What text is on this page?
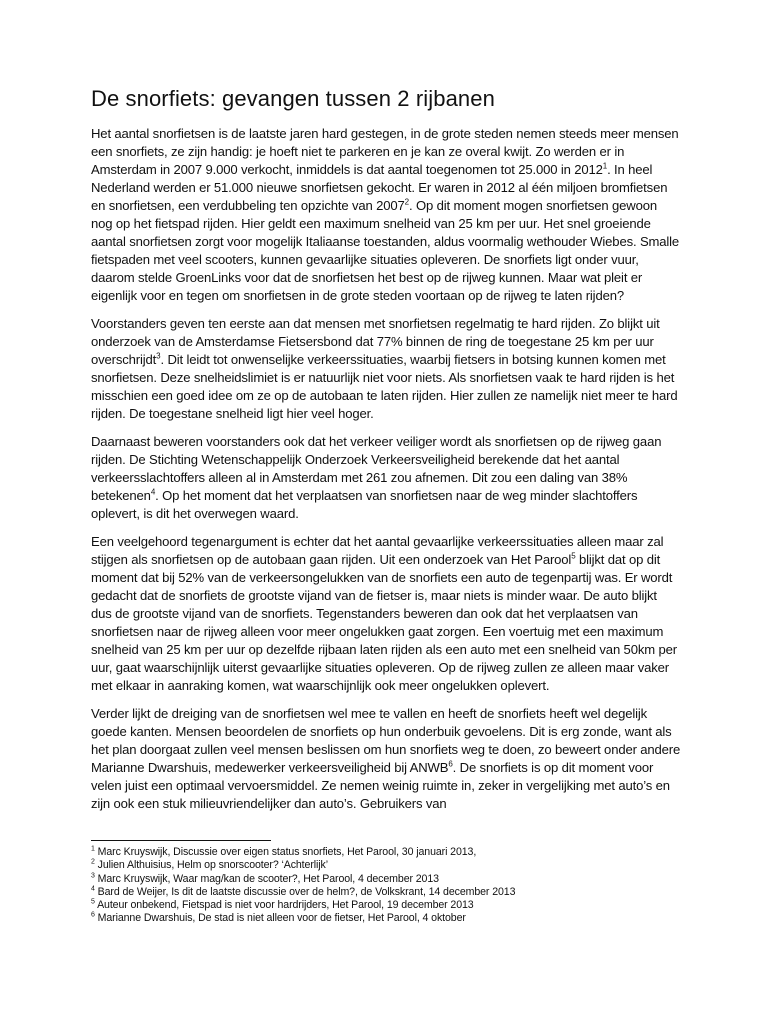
De snorfiets: gevangen tussen 2 rijbanen

Het aantal snorfietsen is de laatste jaren hard gestegen, in de grote steden nemen steeds meer mensen een snorfiets, ze zijn handig: je hoeft niet te parkeren en je kan ze overal kwijt. Zo werden er in Amsterdam in 2007 9.000 verkocht, inmiddels is dat aantal toegenomen tot 25.000 in 2012$^1$. In heel Nederland werden er 51.000 nieuwe snorfietsen gekocht. Er waren in 2012 al één miljoen bromfietsen en snorfietsen, een verdubbeling ten opzichte van 2007$^2$. Op dit moment mogen snorfietsen gewoon nog op het fietspad rijden. Hier geldt een maximum snelheid van 25 km per uur. Het snel groeiende aantal snorfietsen zorgt voor mogelijk Italiaanse toestanden, aldus voormalig wethouder Wiebes. Smalle fietspaden met veel scooters, kunnen gevaarlijke situaties opleveren. De snorfiets ligt onder vuur, daarom stelde GroenLinks voor dat de snorfietsen het best op de rijweg kunnen. Maar wat pleit er eigenlijk voor en tegen om snorfietsen in de grote steden voortaan op de rijweg te laten rijden?

Voorstanders geven ten eerste aan dat mensen met snorfietsen regelmatig te hard rijden. Zo blijkt uit onderzoek van de Amsterdamse Fietsersbond dat 77% binnen de ring de toegestane 25 km per uur overschrijdt$^3$. Dit leidt tot onwenselijke verkeerssituaties, waarbij fietsers in botsing kunnen komen met snorfietsen. Deze snelheidslimiet is er natuurlijk niet voor niets. Als snorfietsen vaak te hard rijden is het misschien een goed idee om ze op de autobaan te laten rijden. Hier zullen ze namelijk niet meer te hard rijden. De toegestane snelheid ligt hier veel hoger.

Daarnaast beweren voorstanders ook dat het verkeer veiliger wordt als snorfietsen op de rijweg gaan rijden. De Stichting Wetenschappelijk Onderzoek Verkeersveiligheid berekende dat het aantal verkeersslachtoffers alleen al in Amsterdam met 261 zou afnemen. Dit zou een daling van 38% betekenen$^4$. Op het moment dat het verplaatsen van snorfietsen naar de weg minder slachtoffers oplevert, is dit het overwegen waard.

Een veelgehoord tegenargument is echter dat het aantal gevaarlijke verkeerssituaties alleen maar zal stijgen als snorfietsen op de autobaan gaan rijden. Uit een onderzoek van Het Parool$^5$ blijkt dat op dit moment dat bij 52% van de verkeersongelukken van de snorfiets een auto de tegenpartij was. Er wordt gedacht dat de snorfiets de grootste vijand van de fietser is, maar niets is minder waar. De auto blijkt dus de grootste vijand van de snorfiets. Tegenstanders beweren dan ook dat het verplaatsen van snorfietsen naar de rijweg alleen voor meer ongelukken gaat zorgen. Een voertuig met een maximum snelheid van 25 km per uur op dezelfde rijbaan laten rijden als een auto met een snelheid van 50km per uur, gaat waarschijnlijk uiterst gevaarlijke situaties opleveren. Op de rijweg zullen ze alleen maar vaker met elkaar in aanraking komen, wat waarschijnlijk ook meer ongelukken oplevert.

Verder lijkt de dreiging van de snorfietsen wel mee te vallen en heeft de snorfiets heeft wel degelijk goede kanten. Mensen beoordelen de snorfiets op hun onderbuik gevoelens. Dit is erg zonde, want als het plan doorgaat zullen veel mensen beslissen om hun snorfiets weg te doen, zo beweert onder andere Marianne Dwarshuis, medewerker verkeersveiligheid bij ANWB$^6$. De snorfiets is op dit moment voor velen juist een optimaal vervoersmiddel. Ze nemen weinig ruimte in, zeker in vergelijking met auto’s en zijn ook een stuk milieuvriendelijker dan auto’s. Gebruikers van

$^1$ Marc Kruyswijk, Discussie over eigen status snorfiets, Het Parool, 30 januari 2013,
$^2$ Julien Althuisius, Helm op snorscooter? ‘Achterlijk’
$^3$ Marc Kruyswijk, Waar mag/kan de scooter?, Het Parool, 4 december 2013
$^4$ Bard de Weijer, Is dit de laatste discussie over de helm?, de Volkskrant, 14 december 2013
$^5$ Auteur onbekend, Fietspad is niet voor hardrijders, Het Parool, 19 december 2013
$^6$ Marianne Dwarshuis, De stad is niet alleen voor de fietser, Het Parool, 4 oktober
